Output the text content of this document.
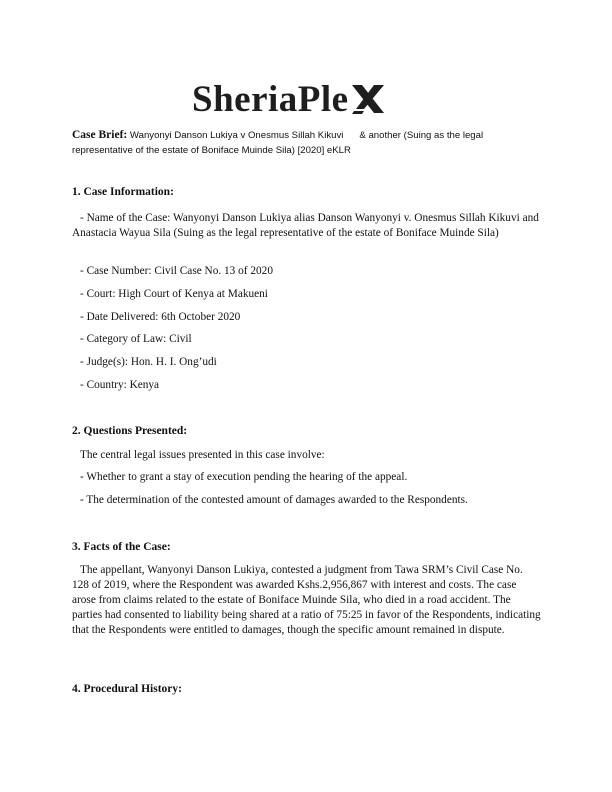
SheriaPle
Case Brief: Wanyonyi Danson Lukiya v Onesmus Sillah Kikuvi      & another (Suing as the legal
representative of the estate of Boniface Muinde Sila) [2020] eKLR
1. Case Information:
- Name of the Case: Wanyonyi Danson Lukiya alias Danson Wanyonyi v. Onesmus Sillah Kikuvi and Anastacia Wayua Sila (Suing as the legal representative of the estate of Boniface Muinde Sila)
- Case Number: Civil Case No. 13 of 2020
- Court: High Court of Kenya at Makueni
- Date Delivered: 6th October 2020
- Category of Law: Civil
- Judge(s): Hon. H. I. Ong’udi
- Country: Kenya
2. Questions Presented:
The central legal issues presented in this case involve:
- Whether to grant a stay of execution pending the hearing of the appeal.
- The determination of the contested amount of damages awarded to the Respondents.
3. Facts of the Case:
The appellant, Wanyonyi Danson Lukiya, contested a judgment from Tawa SRM’s Civil Case No. 128 of 2019, where the Respondent was awarded Kshs.2,956,867 with interest and costs. The case arose from claims related to the estate of Boniface Muinde Sila, who died in a road accident. The parties had consented to liability being shared at a ratio of 75:25 in favor of the Respondents, indicating that the Respondents were entitled to damages, though the specific amount remained in dispute.
4. Procedural History:
